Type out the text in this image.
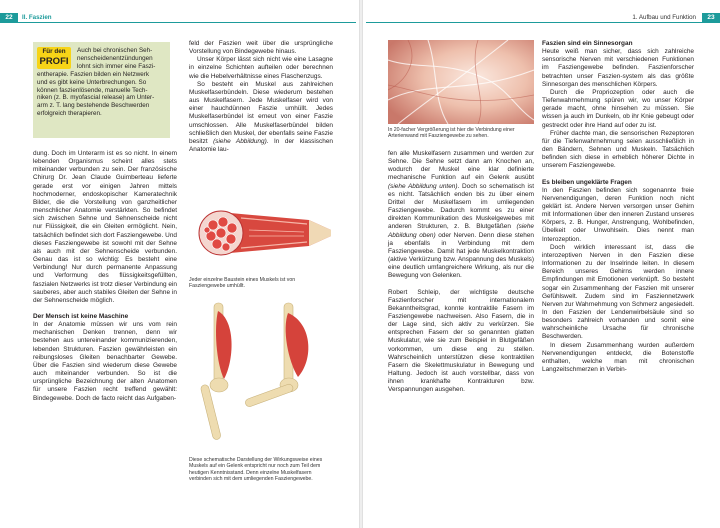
22	II. Faszien
Für den
PROFI
Auch bei chronischen Seh-
nenscheidenentzündungen
lohnt sich immer eine Faszi-
entherapie. Faszien bilden ein Netzwerk
und es gibt keine Unterbrechungen. So
können faszienlösende, manuelle Tech-
niken (z. B. myofascial release) am Unter-
arm z. T. lang bestehende Beschwerden
erfolgreich therapieren.

dung. Doch im Unterarm ist es so nicht. In einem lebenden Organismus scheint alles stets miteinander verbunden zu sein. Der französische Chirurg Dr. Jean Claude Guimberteau lieferte gerade erst vor einigen Jahren mittels hochmoderner, endoskopischer Kameratechnik Bilder, die die Vorstellung von ganzheitlicher menschlicher Anatomie verstärkten. So befindet sich zwischen Sehne und Sehnenscheide nicht nur Flüssigkeit, die ein Gleiten ermöglicht. Nein, tatsächlich befindet sich dort Fasziengewebe. Und dieses Fasziengewebe ist sowohl mit der Sehne als auch mit der Sehnenscheide verbunden. Genau das ist so wichtig: Es besteht eine Verbindung! Nur durch permanente Anpassung und Verformung des flüssigkeitsgefüllten, faszialen Netzwerks ist trotz dieser Verbindung ein sauberes, aber auch stabiles Gleiten der Sehne in der Sehnenscheide möglich.

Der Mensch ist keine Maschine

In der Anatomie müssen wir uns vom rein mechanischen Denken trennen, denn wir bestehen aus untereinander kommunizierenden, lebenden Strukturen. Faszien gewährleisten ein reibungsloses Gleiten benachbarter Gewebe. Über die Faszien sind wiederum diese Gewebe auch miteinander verbunden. So ist die ursprüngliche Bezeichnung der alten Anatomen für unsere Faszien recht treffend gewählt: Bindegewebe. Doch de facto reicht das Aufgaben-

feld der Faszien weit über die ursprüngliche Vorstellung von Bindegewebe hinaus.

Unser Körper lässt sich nicht wie eine Lasagne in einzelne Schichten aufteilen oder berechnen wie die Hebelverhältnisse eines Flaschenzugs.

So besteht ein Muskel aus zahlreichen Muskelfaserbündeln. Diese wiederum bestehen aus Muskelfasern. Jede Muskelfaser wird von einer hauchdünnen Faszie umhüllt. Jedes Muskelfaserbündel ist erneut von einer Faszie umschlossen. Alle Muskelfaserbündel bilden schließlich den Muskel, der ebenfalls seine Faszie besitzt (siehe Abbildung). In der klassischen Anatomie lau-

Jeder einzelne Baustein eines Muskels ist von Fasziengewebe umhüllt.
Diese schematische Darstellung der Wirkungsweise eines Muskels auf ein Gelenk entspricht nur noch zum Teil dem heutigen Kenntnisstand. Denn einzelne Muskelfasern verbinden sich mit dem umliegenden Fasziengewebe.
1. Aufbau und Funktion	23
In 20-facher Vergrößerung ist hier die Verbindung einer Arterienwand mit Fasziengewebe zu sehen.

fen alle Muskelfasern zusammen und werden zur Sehne. Die Sehne setzt dann am Knochen an, wodurch der Muskel eine klar definierte mechanische Funktion auf ein Gelenk ausübt (siehe Abbildung unten). Doch so schematisch ist es nicht. Tatsächlich enden bis zu über einem Drittel der Muskelfasern im umliegenden Fasziengewebe. Dadurch kommt es zu einer direkten Kommunikation des Muskelgewebes mit anderen Strukturen, z. B. Blutgefäßen (siehe Abbildung oben) oder Nerven. Denn diese stehen ja ebenfalls in Verbindung mit dem Fasziengewebe. Damit hat jede Muskelkontraktion (aktive Verkürzung bzw. Anspannung des Muskels) eine deutlich umfangreichere Wirkung, als nur die Bewegung von Gelenken.

Robert Schleip, der wichtigste deutsche Faszienforscher mit internationalem Bekanntheitsgrad, konnte kontraktile Fasern im Fasziengewebe nachweisen. Also Fasern, die in der Lage sind, sich aktiv zu verkürzen. Sie entsprechen Fasern der so genannten glatten Muskulatur, wie sie zum Beispiel in Blutgefäßen vorkommen, um diese eng zu stellen. Wahrscheinlich unterstützen diese kontraktilen Fasern die Skelettmuskulatur in Bewegung und Haltung. Jedoch ist auch vorstellbar, dass von ihnen krankhafte Kontrakturen bzw. Verspannungen ausgehen.

Faszien sind ein Sinnesorgan

Heute weiß man sicher, dass sich zahlreiche sensorische Nerven mit verschiedenen Funktionen im Fasziengewebe befinden. Faszienforscher betrachten unser Faszien-system als das größte Sinnesorgan des menschlichen Körpers.

Durch die Propriozeption oder auch die Tiefenwahrnehmung spüren wir, wo unser Körper gerade macht, ohne hinsehen zu müssen. Sie wissen ja auch im Dunkeln, ob ihr Knie gebeugt oder gestreckt oder ihre Hand auf oder zu ist.

Früher dachte man, die sensorischen Rezeptoren für die Tiefenwahrnehmung seien ausschließlich in den Bändern, Sehnen und Muskeln. Tatsächlich befinden sich diese in erheblich höherer Dichte in unserem Fasziengewebe.

Es bleiben ungeklärte Fragen

In den Faszien befinden sich sogenannte freie Nervenendigungen, deren Funktion noch nicht geklärt ist. Andere Nerven versorgen unser Gehirn mit Informationen über den inneren Zustand unseres Körpers, z. B. Hunger, Anstrengung, Wohlbefinden, Übelkeit oder Unwohlsein. Dies nennt man Interozeption.

Doch wirklich interessant ist, dass die interozeptiven Nerven in den Faszien diese Informationen zu der Inselrinde leiten. In diesem Bereich unseres Gehirns werden innere Empfindungen mit Emotionen verknüpft. So besteht sogar ein Zusammenhang der Faszien mit unserer Gefühlswelt. Zudem sind im Fasziennetzwerk Nerven zur Wahrnehmung von Schmerz angesiedelt. In den Faszien der Lendenwirbelsäule sind so besonders zahlreich vorhanden und somit eine wahrscheinliche Ursache für chronische Beschwerden.

In diesem Zusammenhang wurden außerdem Nervenendigungen entdeckt, die Botenstoffe enthalten, welche man mit chronischen Langzeitschmerzen in Verbin-
